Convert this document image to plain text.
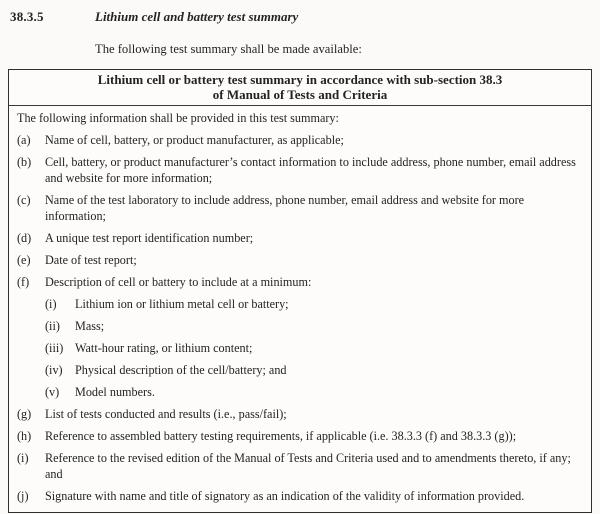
38.3.5	Lithium cell and battery test summary
The following test summary shall be made available:
Lithium cell or battery test summary in accordance with sub-section 38.3
of Manual of Tests and Criteria
The following information shall be provided in this test summary:
(a)	Name of cell, battery, or product manufacturer, as applicable;
(b)	Cell, battery, or product manufacturer’s contact information to include address, phone number, email address and website for more information;
(c)	Name of the test laboratory to include address, phone number, email address and website for more information;
(d)	A unique test report identification number;
(e)	Date of test report;
(f)	Description of cell or battery to include at a minimum:
(i)	Lithium ion or lithium metal cell or battery;
(ii)	Mass;
(iii) Watt-hour rating, or lithium content;
(iv)	Physical description of the cell/battery; and
(v)	Model numbers.
(g)	List of tests conducted and results (i.e., pass/fail);
(h)	Reference to assembled battery testing requirements, if applicable (i.e. 38.3.3 (f) and 38.3.3 (g));
(i)	Reference to the revised edition of the Manual of Tests and Criteria used and to amendments thereto, if any; and
(j)	Signature with name and title of signatory as an indication of the validity of information provided.
